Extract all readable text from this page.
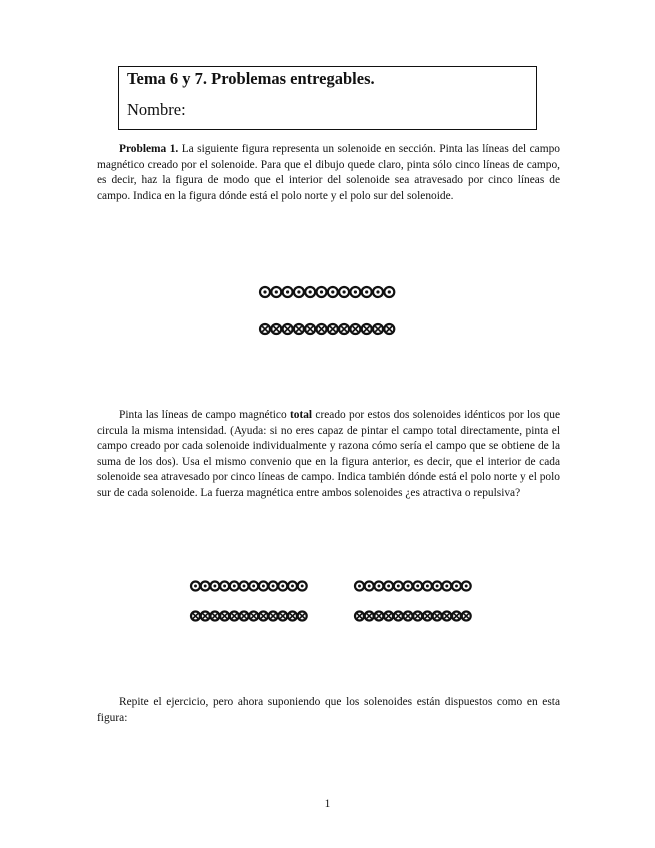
Tema 6 y 7. Problemas entregables.
Nombre:

Problema 1. La siguiente figura representa un solenoide en sección. Pinta las líneas del campo magnético creado por el solenoide. Para que el dibujo quede claro, pinta sólo cinco líneas de campo, es decir, haz la figura de modo que el interior del solenoide sea atravesado por cinco líneas de campo. Indica en la figura dónde está el polo norte y el polo sur del solenoide.

Pinta las líneas de campo magnético total creado por estos dos solenoides idénticos por los que circula la misma intensidad. (Ayuda: si no eres capaz de pintar el campo total directamente, pinta el campo creado por cada solenoide individualmente y razona cómo sería el campo que se obtiene de la suma de los dos). Usa el mismo convenio que en la figura anterior, es decir, que el interior de cada solenoide sea atravesado por cinco líneas de campo. Indica también dónde está el polo norte y el polo sur de cada solenoide. La fuerza magnética entre ambos solenoides ¿es atractiva o repulsiva?

Repite el ejercicio, pero ahora suponiendo que los solenoides están dispuestos como en esta figura:

1
